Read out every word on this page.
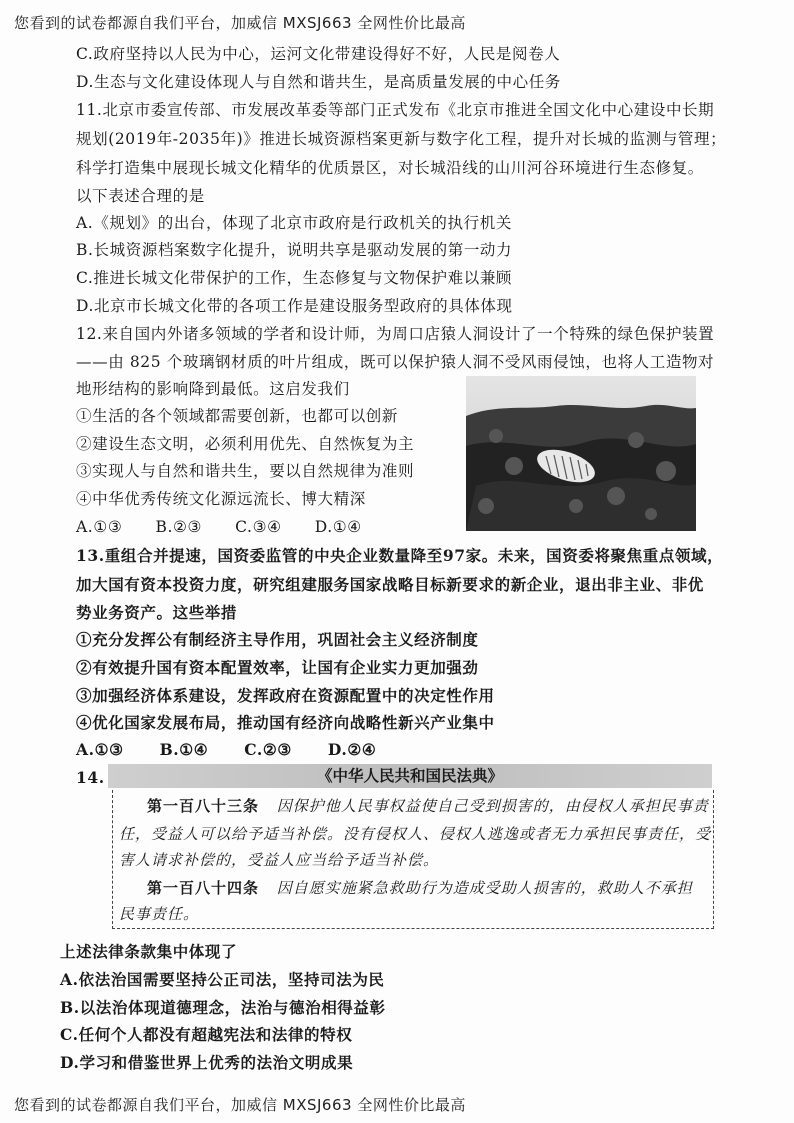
您看到的试卷都源自我们平台，加威信 MXSJ663 全网性价比最高
C.政府坚持以人民为中心，运河文化带建设得好不好，人民是阅卷人
D.生态与文化建设体现人与自然和谐共生，是高质量发展的中心任务
11.北京市委宣传部、市发展改革委等部门正式发布《北京市推进全国文化中心建设中长期
规划(2019年-2035年)》推进长城资源档案更新与数字化工程，提升对长城的监测与管理；
科学打造集中展现长城文化精华的优质景区，对长城沿线的山川河谷环境进行生态修复。
以下表述合理的是
A.《规划》的出台，体现了北京市政府是行政机关的执行机关
B.长城资源档案数字化提升，说明共享是驱动发展的第一动力
C.推进长城文化带保护的工作，生态修复与文物保护难以兼顾
D.北京市长城文化带的各项工作是建设服务型政府的具体体现
12.来自国内外诸多领域的学者和设计师，为周口店猿人洞设计了一个特殊的绿色保护装置
——由 825 个玻璃钢材质的叶片组成，既可以保护猿人洞不受风雨侵蚀，也将人工造物对
地形结构的影响降到最低。这启发我们
①生活的各个领域都需要创新，也都可以创新
②建设生态文明，必须利用优先、自然恢复为主
③实现人与自然和谐共生，要以自然规律为准则
④中华优秀传统文化源远流长、博大精深
A.①③      B.②③      C.③④      D.①④
13.重组合并提速，国资委监管的中央企业数量降至97家。未来，国资委将聚焦重点领域，
加大国有资本投资力度，研究组建服务国家战略目标新要求的新企业，退出非主业、非优
势业务资产。这些举措
①充分发挥公有制经济主导作用，巩固社会主义经济制度
②有效提升国有资本配置效率，让国有企业实力更加强劲
③加强经济体系建设，发挥政府在资源配置中的决定性作用
④优化国家发展布局，推动国有经济向战略性新兴产业集中
A.①③      B.①④      C.②③      D.②④
14.	《中华人民共和国民法典》
第一百八十三条 因保护他人民事权益使自己受到损害的，由侵权人承担民事责
任，受益人可以给予适当补偿。没有侵权人、侵权人逃逸或者无力承担民事责任，受
害人请求补偿的，受益人应当给予适当补偿。
第一百八十四条 因自愿实施紧急救助行为造成受助人损害的，救助人不承担
民事责任。
上述法律条款集中体现了
A.依法治国需要坚持公正司法，坚持司法为民
B.以法治体现道德理念，法治与德治相得益彰
C.任何个人都没有超越宪法和法律的特权
D.学习和借鉴世界上优秀的法治文明成果
您看到的试卷都源自我们平台，加威信 MXSJ663 全网性价比最高
